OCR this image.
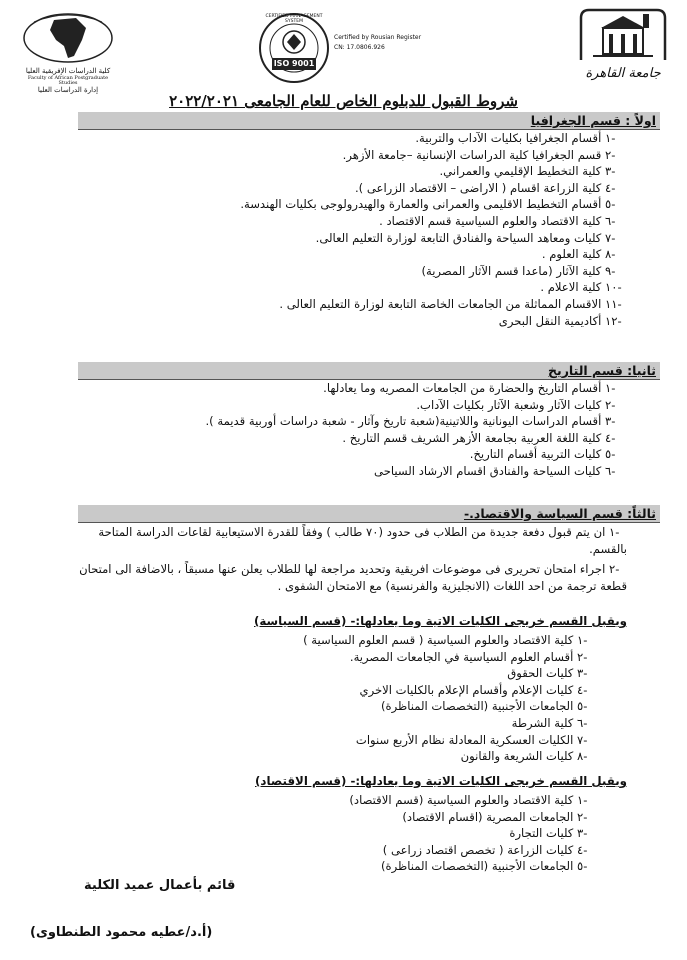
جامعة القاهرة
ISO 9001
CERTIFIED MANAGEMENT SYSTEM
Certified by Rousian Register
CN: 17.0806.926
كلية الدراسات الإفريقية العليا
Faculty of African Postgraduate Studies
إدارة الدراسات العليا
شروط القبول للدبلوم الخاص للعام الجامعى ٢٠٢٢/٢٠٢١
اولاً : قسم الجغرافيا
-١ أقسام الجغرافيا بكليات الآداب والتربية.
-٢ قسم الجغرافيا كلية الدراسات الإنسانية –جامعة الأزهر.
-٣ كلية التخطيط الإقليمي والعمراني.
-٤ كلية الزراعة اقسام ( الاراضى – الاقتصاد الزراعى ).
-٥ أقسام التخطيط الاقليمى والعمرانى والعمارة والهيدرولوجى بكليات الهندسة.
-٦ كلية الاقتصاد والعلوم السياسية قسم الاقتصاد .
-٧ كليات ومعاهد السياحة والفنادق التابعة لوزارة التعليم العالى.
-٨ كلية العلوم .
-٩ كلية الآثار (ماعدا قسم الآثار المصرية)
-١٠ كلية الاعلام .
-١١ الاقسام المماثلة من الجامعات الخاصة التابعة لوزارة التعليم العالى .
-١٢ أكاديمية النقل البحرى
ثانيا: قسم التاريخ
-١ أقسام التاريخ والحضارة من الجامعات المصريه وما يعادلها.
-٢ كليات الآثار وشعبة الآثار بكليات الآداب.
-٣ أقسام الدراسات اليونانية واللاتينية(شعبة تاريخ وآثار - شعبة دراسات أوربية قديمة ).
-٤ كلية اللغة العربية بجامعة الأزهر الشريف قسم التاريخ .
-٥ كليات التربية أقسام التاريخ.
-٦ كليات السياحة والفنادق اقسام الارشاد السياحى
ثالثاً: قسم السياسة والاقتصاد.-
-١ ان يتم قبول دفعة جديدة من الطلاب فى حدود (٧٠ طالب ) وفقاً للقدرة الاستيعابية لقاعات الدراسة المتاحة بالقسم.
-٢ اجراء امتحان تحريرى فى موضوعات افريقية وتحديد مراجعة لها للطلاب يعلن عنها مسبقاً ، بالاضافة الى امتحان قطعة ترجمة من احد اللغات (الانجليزية والفرنسية) مع الامتحان الشفوى .
ويقبل القسم خريجى الكليات الاتية وما يعادلها:- (قسم السياسة)
-١ كلية الاقتصاد والعلوم السياسية ( قسم العلوم السياسية )
-٢ أقسام العلوم السياسية في الجامعات المصرية.
-٣ كليات الحقوق
-٤ كليات الإعلام وأقسام الإعلام بالكليات الاخري
-٥ الجامعات الأجنبية (التخصصات المناظرة)
-٦ كلية الشرطة
-٧ الكليات العسكرية المعادلة نظام الأربع سنوات
-٨ كليات الشريعة والقانون
ويقبل القسم خريجى الكليات الاتية وما يعادلها:- (قسم الاقتصاد)
-١ كلية الاقتصاد والعلوم السياسية (قسم الاقتصاد)
-٢ الجامعات المصرية (اقسام الاقتصاد)
-٣ كليات التجارة
-٤ كليات الزراعة ( تخصص اقتصاد زراعى )
-٥ الجامعات الأجنبية (التخصصات المناظرة)
قائم بأعمال عميد الكلية
(أ.د/عطيه محمود الطنطاوى)
